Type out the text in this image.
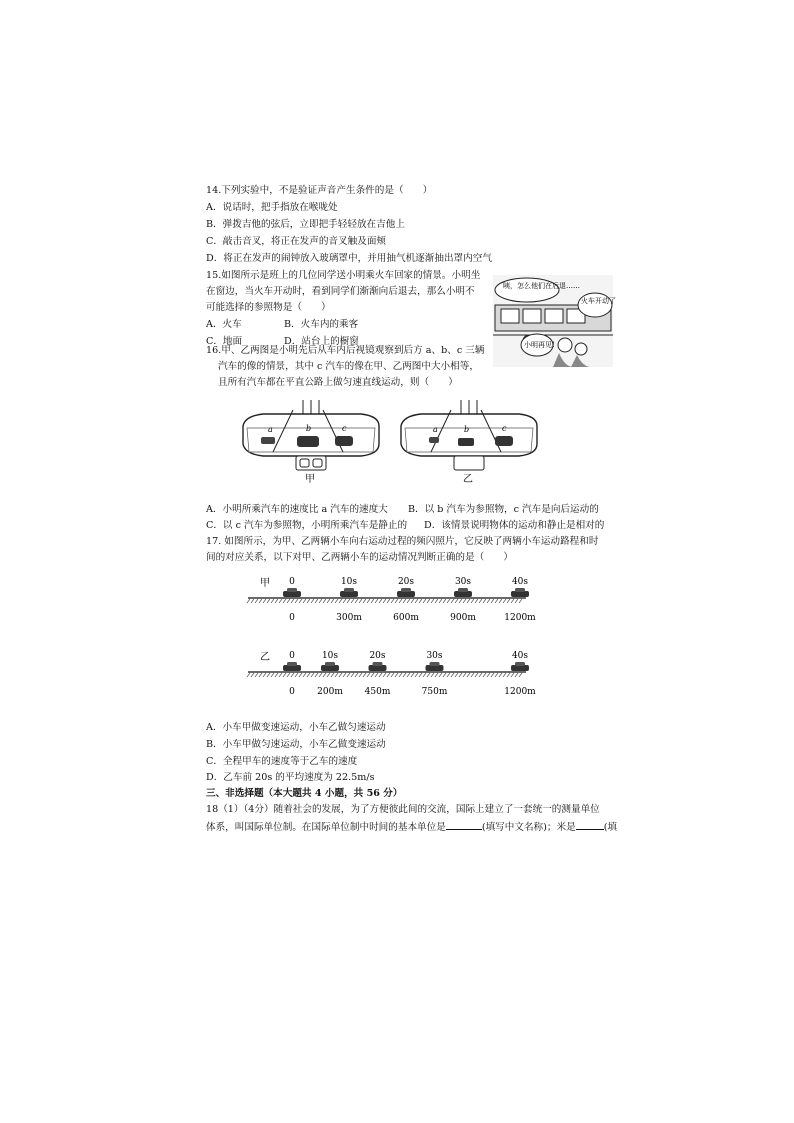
14.下列实验中，不是验证声音产生条件的是（　　）
A．说话时，把手指放在喉咙处
B．弹拨吉他的弦后，立即把手轻轻放在吉他上
C．敲击音叉，将正在发声的音叉触及面颊
D．将正在发声的闹钟放入玻璃罩中，并用抽气机逐渐抽出罩内空气
15.如图所示是班上的几位同学送小明乘火车回家的情景。小明坐
在窗边，当火车开动时，看到同学们渐渐向后退去，那么小明不
可能选择的参照物是（　　）
A．火车	B．火车内的乘客
C．地面	D．站台上的橱窗
咦，怎么他们在后退……
火车开动了
小明再见!
16.甲、乙两图是小明先后从车内后视镜观察到后方 a、b、c 三辆
汽车的像的情景，其中 c 汽车的像在甲、乙两图中大小相等，
且所有汽车都在平直公路上做匀速直线运动，则（　　）
a	b	c
甲
a	b	c
乙
A．小明所乘汽车的速度比 a 汽车的速度大 B．以 b 汽车为参照物，c 汽车是向后运动的
C．以 c 汽车为参照物，小明所乘汽车是静止的 D．该情景说明物体的运动和静止是相对的
17. 如图所示，为甲、乙两辆小车向右运动过程的频闪照片，它反映了两辆小车运动路程和时
间的对应关系，以下对甲、乙两辆小车的运动情况判断正确的是（　　）
甲 0
0
10s
300m
20s
600m
30s
900m
40s
1200m
乙 0
0
10s
200m
20s
450m
30s
750m
40s
1200m
A．小车甲做变速运动，小车乙做匀速运动
B．小车甲做匀速运动，小车乙做变速运动
C．全程甲车的速度等于乙车的速度
D．乙车前 20s 的平均速度为 22.5m/s
三、非选择题（本大题共 4 小题，共 56 分）
18（1）（4分）随着社会的发展，为了方便彼此间的交流，国际上建立了一套统一的测量单位
体系，叫国际单位制。在国际单位制中时间的基本单位是	(填写中文名称)；米是	(填
